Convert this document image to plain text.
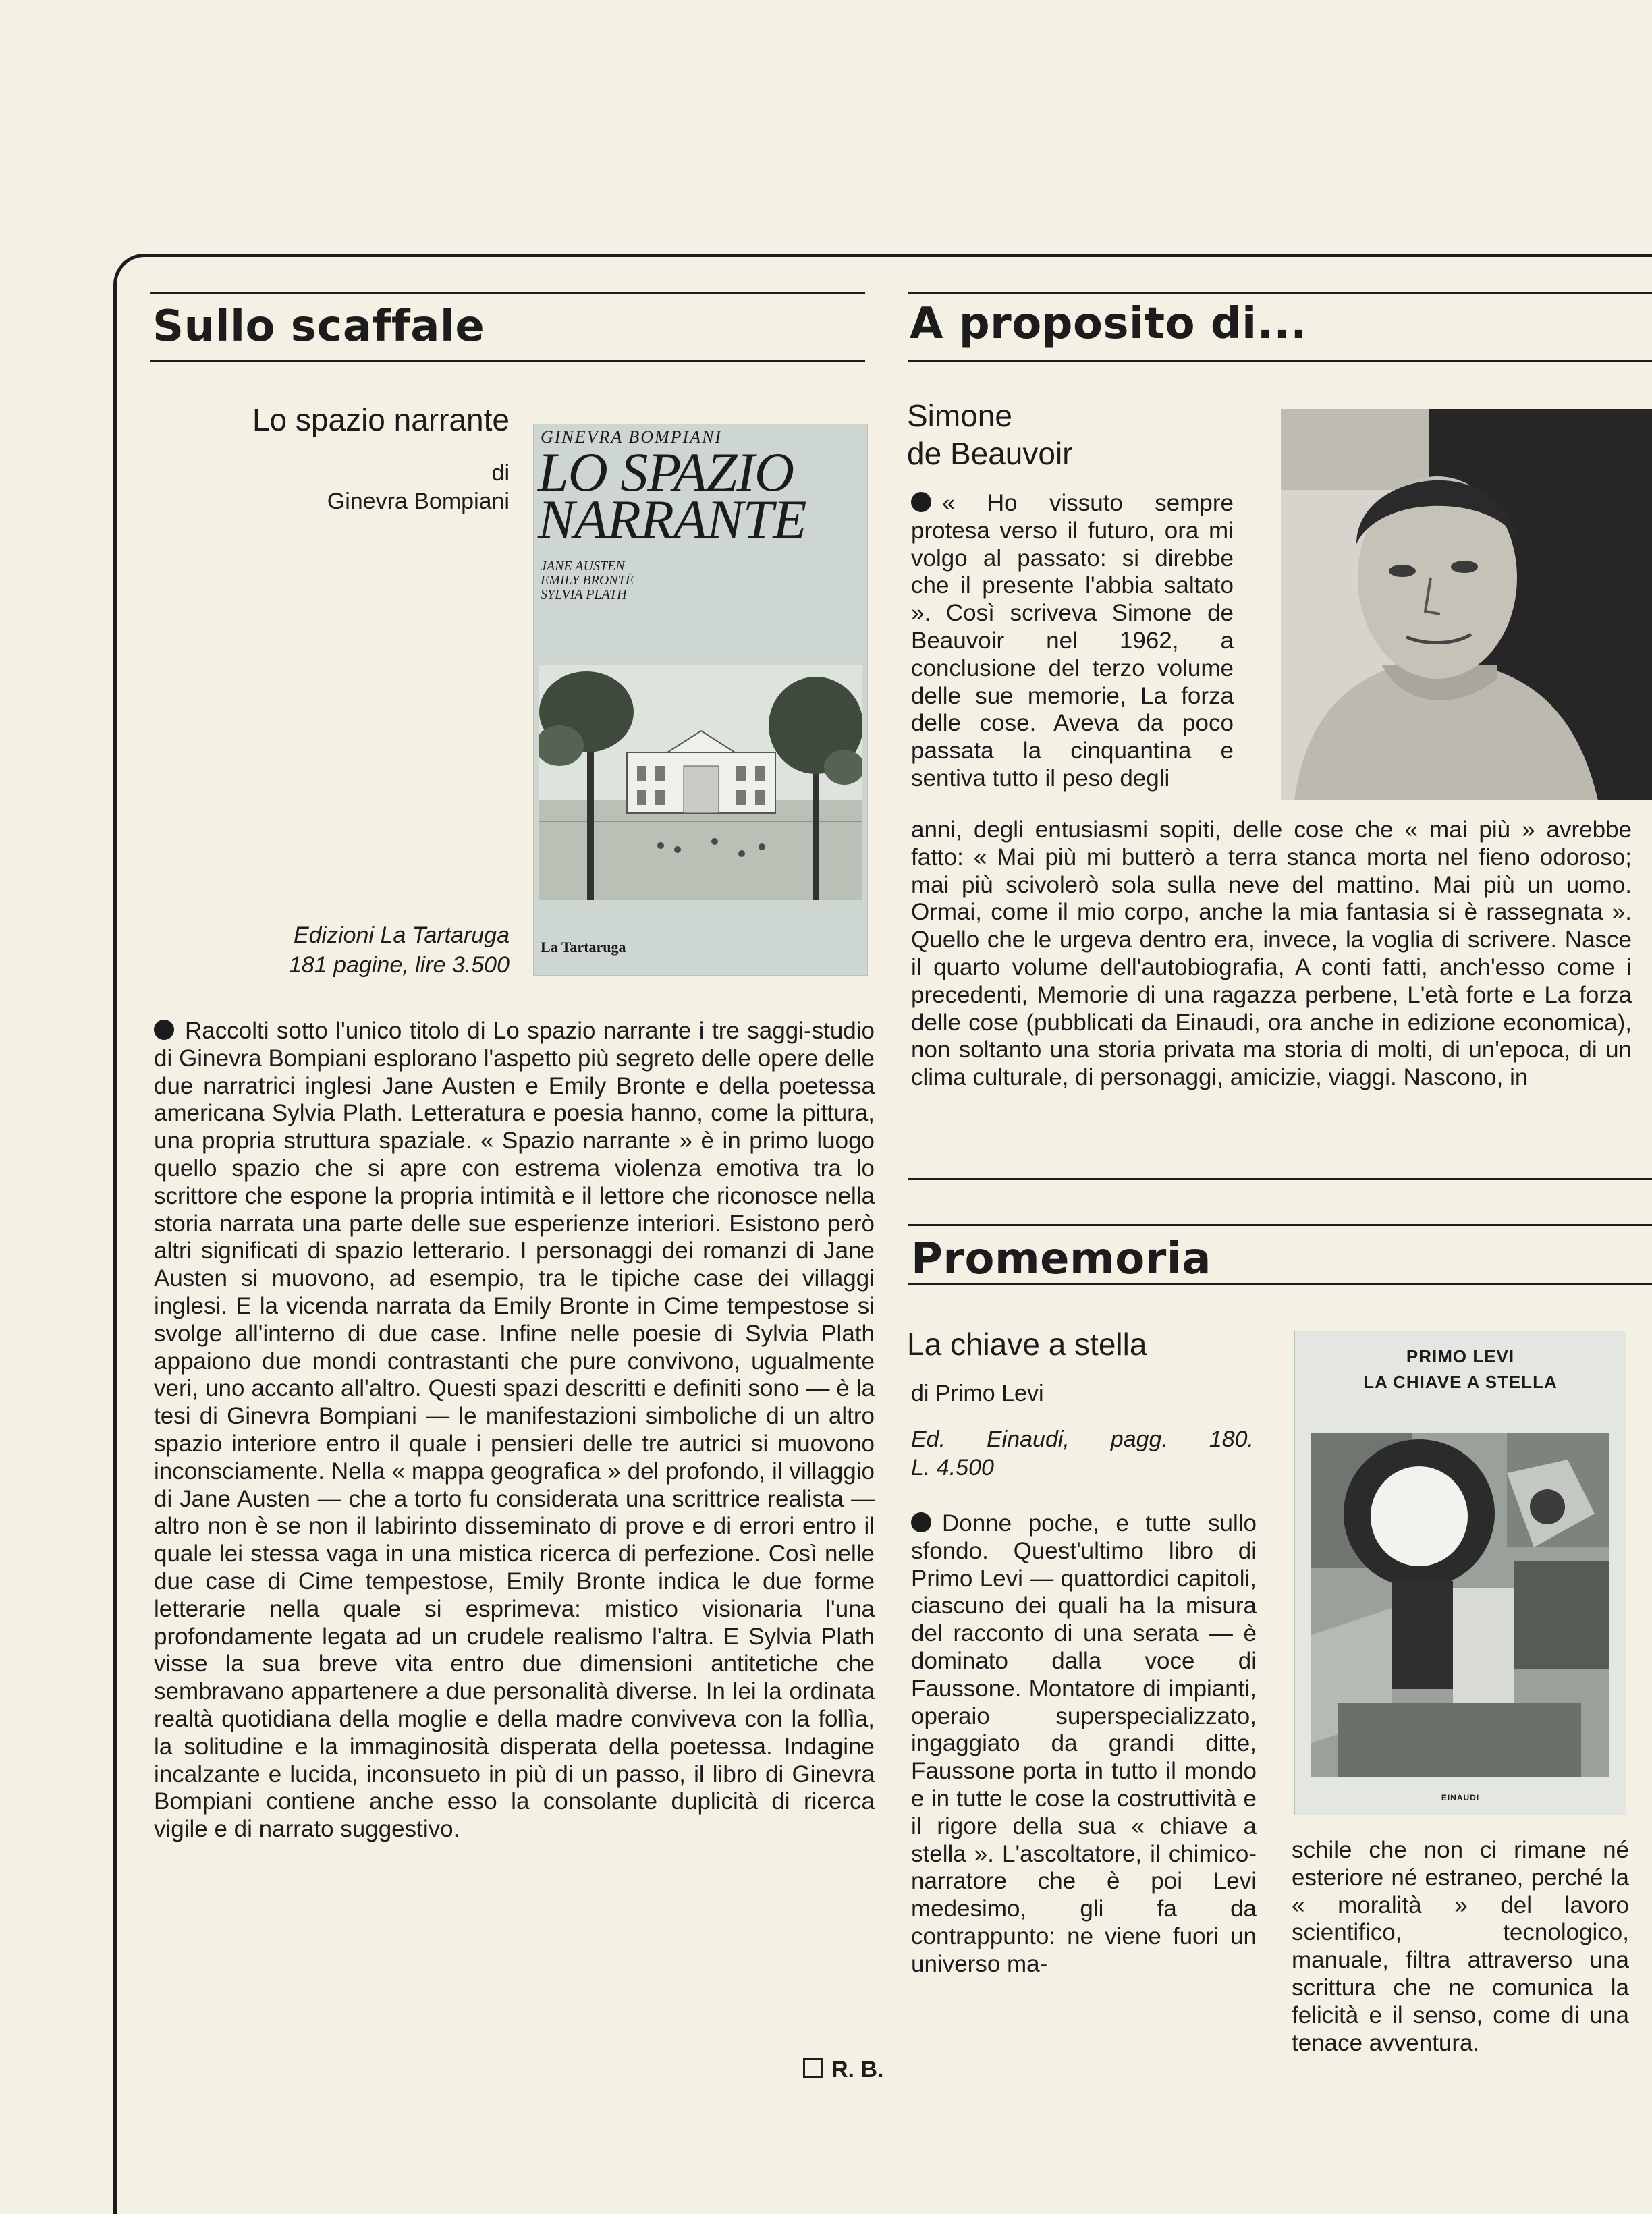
Sullo scaffale
Lo spazio narrante
di
Ginevra Bompiani
Edizioni La Tartaruga
181 pagine, lire 3.500
GINEVRA BOMPIANI
LO SPAZIO
NARRANTE
JANE AUSTEN
EMILY BRONTË
SYLVIA PLATH
La Tartaruga

Raccolti sotto l'unico titolo di Lo spazio narrante i tre saggi-studio di Ginevra Bompiani esplorano l'aspetto più segreto delle opere delle due narratrici inglesi Jane Austen e Emily Bronte e della poetessa americana Sylvia Plath. Letteratura e poesia hanno, come la pittura, una propria struttura spaziale. « Spazio narrante » è in primo luogo quello spazio che si apre con estrema violenza emotiva tra lo scrittore che espone la propria intimità e il lettore che riconosce nella storia narrata una parte delle sue esperienze interiori. Esistono però altri significati di spazio letterario. I personaggi dei romanzi di Jane Austen si muovono, ad esempio, tra le tipiche case dei villaggi inglesi. E la vicenda narrata da Emily Bronte in Cime tempestose si svolge all'interno di due case. Infine nelle poesie di Sylvia Plath appaiono due mondi contrastanti che pure convivono, ugualmente veri, uno accanto all'altro. Questi spazi descritti e definiti sono — è la tesi di Ginevra Bompiani — le manifestazioni simboliche di un altro spazio interiore entro il quale i pensieri delle tre autrici si muovono inconsciamente. Nella « mappa geografica » del profondo, il villaggio di Jane Austen — che a torto fu considerata una scrittrice realista — altro non è se non il labirinto disseminato di prove e di errori entro il quale lei stessa vaga in una mistica ricerca di perfezione. Così nelle due case di Cime tempestose, Emily Bronte indica le due forme letterarie nella quale si esprimeva: mistico visionaria l'una profondamente legata ad un crudele realismo l'altra. E Sylvia Plath visse la sua breve vita entro due dimensioni antitetiche che sembravano appartenere a due personalità diverse. In lei la ordinata realtà quotidiana della moglie e della madre conviveva con la follìa, la solitudine e la immaginosità disperata della poetessa. Indagine incalzante e lucida, inconsueto in più di un passo, il libro di Ginevra Bompiani contiene anche esso la consolante duplicità di ricerca vigile e di narrato suggestivo.

R. B.
A proposito di...
Simone
de Beauvoir

« Ho vissuto sempre protesa verso il futuro, ora mi volgo al passato: si direbbe che il presente l'abbia saltato ». Così scriveva Simone de Beauvoir nel 1962, a conclusione del terzo volume delle sue memorie, La forza delle cose. Aveva da poco passata la cinquantina e sentiva tutto il peso degli

anni, degli entusiasmi sopiti, delle cose che « mai più » avrebbe fatto: « Mai più mi butterò a terra stanca morta nel fieno odoroso; mai più scivolerò sola sulla neve del mattino. Mai più un uomo. Ormai, come il mio corpo, anche la mia fantasia si è rassegnata ». Quello che le urgeva dentro era, invece, la voglia di scrivere. Nasce il quarto volume dell'autobiografia, A conti fatti, anch'esso come i precedenti, Memorie di una ragazza perbene, L'età forte e La forza delle cose (pubblicati da Einaudi, ora anche in edizione economica), non soltanto una storia privata ma storia di molti, di un'epoca, di un clima culturale, di personaggi, amicizie, viaggi. Nascono, in

Promemoria
La chiave a stella
di Primo Levi
Ed. Einaudi, pagg. 180.
L. 4.500
PRIMO LEVI
LA CHIAVE A STELLA
EINAUDI

Donne poche, e tutte sullo sfondo. Quest'ultimo libro di Primo Levi — quattordici capitoli, ciascuno dei quali ha la misura del racconto di una serata — è dominato dalla voce di Faussone. Montatore di impianti, operaio superspecializzato, ingaggiato da grandi ditte, Faussone porta in tutto il mondo e in tutte le cose la costruttività e il rigore della sua « chiave a stella ». L'ascoltatore, il chimico-narratore che è poi Levi medesimo, gli fa da contrappunto: ne viene fuori un universo ma-

schile che non ci rimane né esteriore né estraneo, perché la « moralità » del lavoro scientifico, tecnologico, manuale, filtra attraverso una scrittura che ne comunica la felicità e il senso, come di una tenace avventura.
